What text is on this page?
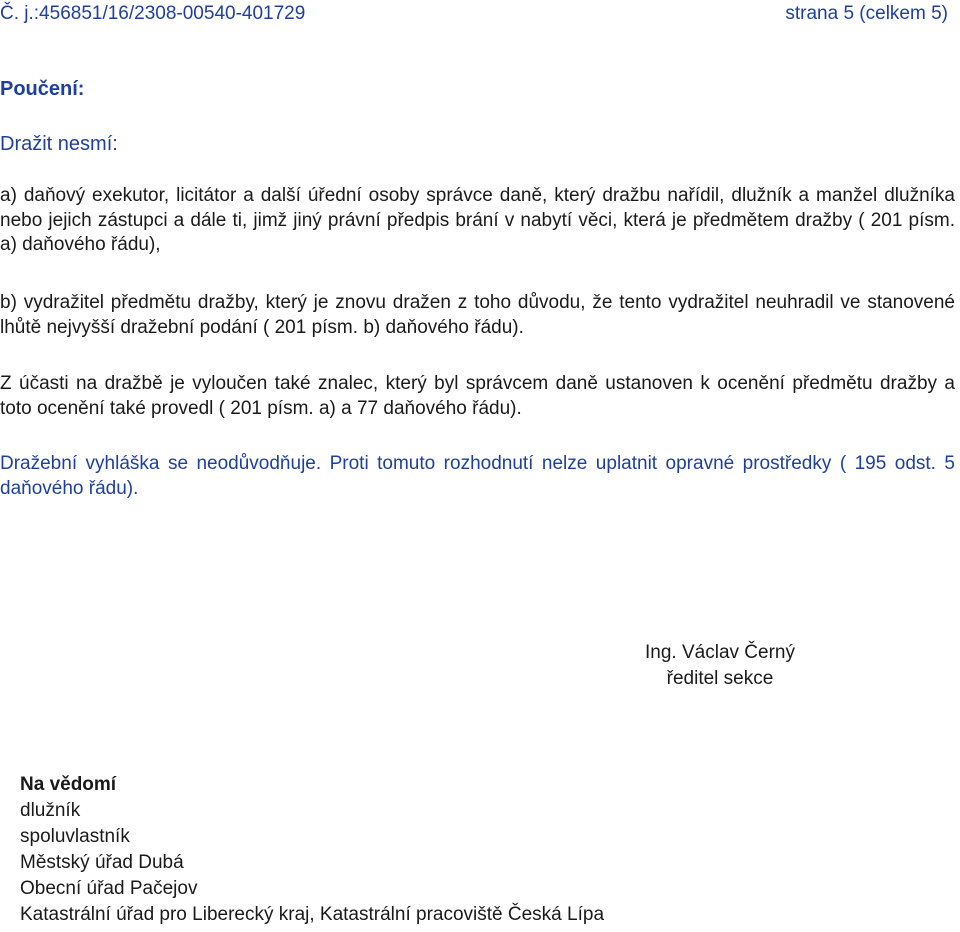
Č. j.:456851/16/2308-00540-401729	strana 5 (celkem 5)
Poučení:
Dražit nesmí:
a) daňový exekutor, licitátor a další úřední osoby správce daně, který dražbu nařídil, dlužník a manžel dlužníka nebo jejich zástupci a dále ti, jimž jiný právní předpis brání v nabytí věci, která je předmětem dražby ( 201 písm. a) daňového řádu),
b) vydražitel předmětu dražby, který je znovu dražen z toho důvodu, že tento vydražitel neuhradil ve stanovené lhůtě nejvyšší dražební podání ( 201 písm. b) daňového řádu).
Z účasti na dražbě je vyloučen také znalec, který byl správcem daně ustanoven k ocenění předmětu dražby a toto ocenění také provedl ( 201 písm. a) a 77 daňového řádu).
Dražební vyhláška se neodůvodňuje. Proti tomuto rozhodnutí nelze uplatnit opravné prostředky ( 195 odst. 5 daňového řádu).
Ing. Václav Černý
ředitel sekce
Na vědomí
dlužník
spoluvlastník
Městský úřad Dubá
Obecní úřad Pačejov
Katastrální úřad pro Liberecký kraj, Katastrální pracoviště Česká Lípa
